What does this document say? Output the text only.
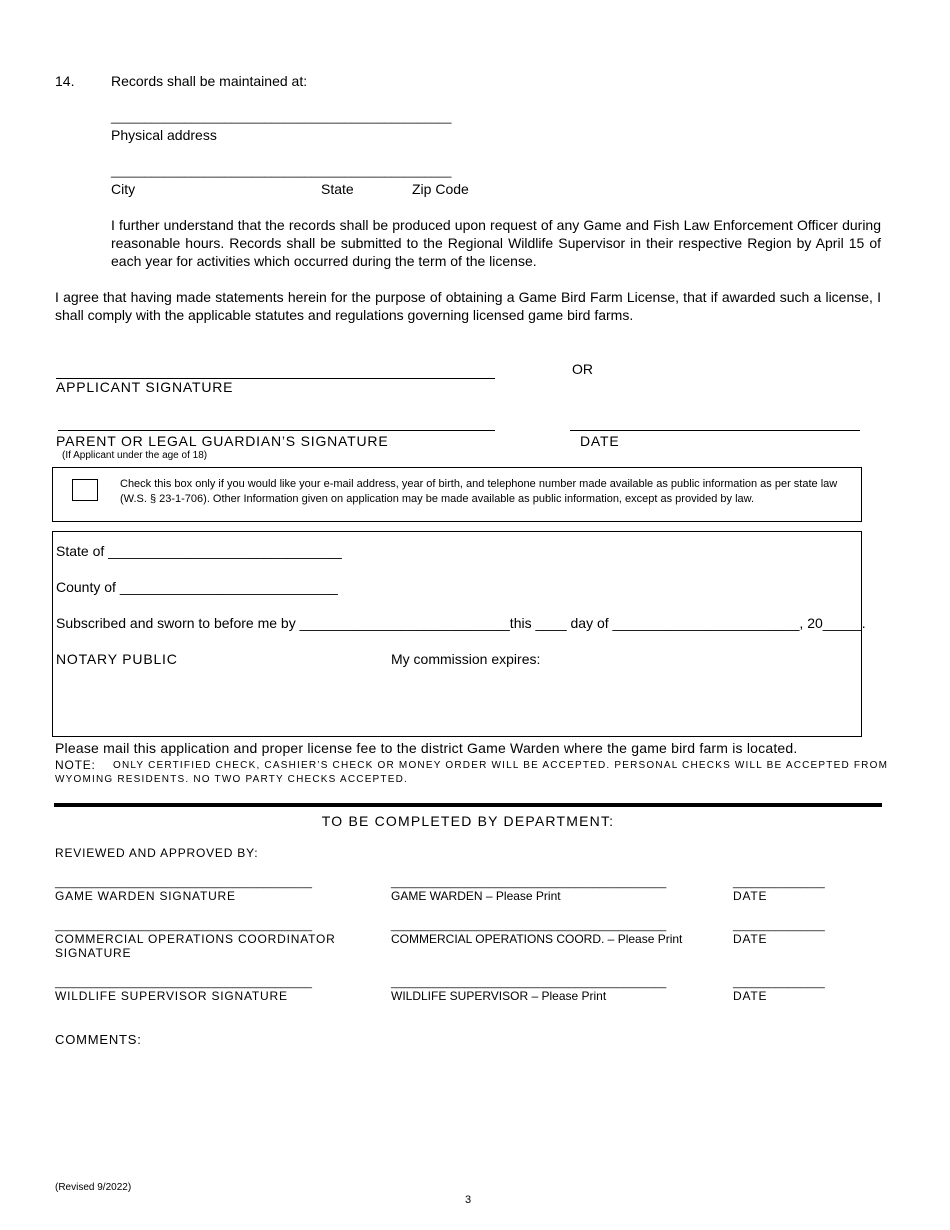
14.	Records shall be maintained at:
___________________________________________________
Physical address
___________________________________________________
City	State	Zip Code
I further understand that the records shall be produced upon request of any Game and Fish Law Enforcement Officer during reasonable hours. Records shall be submitted to the Regional Wildlife Supervisor in their respective Region by April 15 of each year for activities which occurred during the term of the license.
I agree that having made statements herein for the purpose of obtaining a Game Bird Farm License, that if awarded such a license, I shall comply with the applicable statutes and regulations governing licensed game bird farms.
OR
APPLICANT SIGNATURE
PARENT OR LEGAL GUARDIAN’S SIGNATURE	DATE
(If Applicant under the age of 18)
Check this box only if you would like your e-mail address, year of birth, and telephone number made available as public information as per state law (W.S. § 23-1-706). Other Information given on application may be made available as public information, except as provided by law.
State of ______________________________
County of ____________________________
Subscribed and sworn to before me by ___________________________this ____ day of ________________________, 20_____.
NOTARY PUBLIC	My commission expires:
Please mail this application and proper license fee to the district Game Warden where the game bird farm is located.
NOTE: ONLY CERTIFIED CHECK, CASHIER’S CHECK OR MONEY ORDER WILL BE ACCEPTED. PERSONAL CHECKS WILL BE ACCEPTED FROM
WYOMING RESIDENTS. NO TWO PARTY CHECKS ACCEPTED.
TO BE COMPLETED BY DEPARTMENT:
REVIEWED AND APPROVED BY:
__________________________________________	_____________________________________________	_______________
GAME WARDEN SIGNATURE	GAME WARDEN – Please Print	DATE
__________________________________________	_____________________________________________	_______________
COMMERCIAL OPERATIONS COORDINATOR
SIGNATURE
COMMERCIAL OPERATIONS COORD. – Please Print	DATE
__________________________________________	_____________________________________________	_______________
WILDLIFE SUPERVISOR SIGNATURE	WILDLIFE SUPERVISOR – Please Print	DATE
COMMENTS:
(Revised 9/2022)
3
